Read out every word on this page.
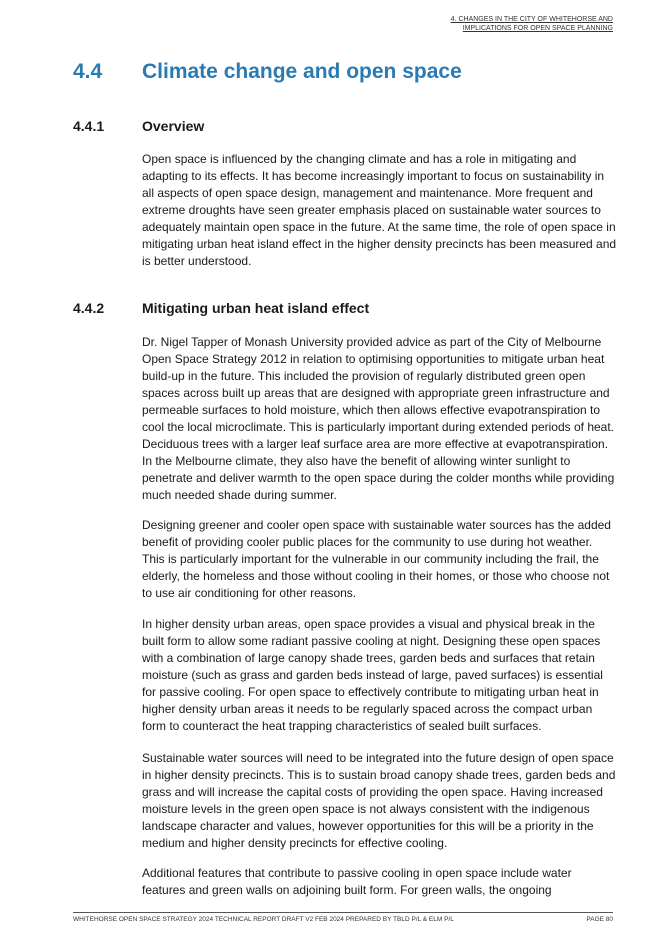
4. CHANGES IN THE CITY OF WHITEHORSE AND
IMPLICATIONS FOR OPEN SPACE PLANNING
4.4 Climate change and open space
4.4.1	Overview

Open space is influenced by the changing climate and has a role in mitigating and adapting to its effects. It has become increasingly important to focus on sustainability in all aspects of open space design, management and maintenance. More frequent and extreme droughts have seen greater emphasis placed on sustainable water sources to adequately maintain open space in the future. At the same time, the role of open space in mitigating urban heat island effect in the higher density precincts has been measured and is better understood.

4.4.2	Mitigating urban heat island effect

Dr. Nigel Tapper of Monash University provided advice as part of the City of Melbourne Open Space Strategy 2012 in relation to optimising opportunities to mitigate urban heat build-up in the future. This included the provision of regularly distributed green open spaces across built up areas that are designed with appropriate green infrastructure and permeable surfaces to hold moisture, which then allows effective evapotranspiration to cool the local microclimate. This is particularly important during extended periods of heat. Deciduous trees with a larger leaf surface area are more effective at evapotranspiration. In the Melbourne climate, they also have the benefit of allowing winter sunlight to penetrate and deliver warmth to the open space during the colder months while providing much needed shade during summer.

Designing greener and cooler open space with sustainable water sources has the added benefit of providing cooler public places for the community to use during hot weather. This is particularly important for the vulnerable in our community including the frail, the elderly, the homeless and those without cooling in their homes, or those who choose not to use air conditioning for other reasons.

In higher density urban areas, open space provides a visual and physical break in the built form to allow some radiant passive cooling at night. Designing these open spaces with a combination of large canopy shade trees, garden beds and surfaces that retain moisture (such as grass and garden beds instead of large, paved surfaces) is essential for passive cooling. For open space to effectively contribute to mitigating urban heat in higher density urban areas it needs to be regularly spaced across the compact urban form to counteract the heat trapping characteristics of sealed built surfaces.

Sustainable water sources will need to be integrated into the future design of open space in higher density precincts. This is to sustain broad canopy shade trees, garden beds and grass and will increase the capital costs of providing the open space. Having increased moisture levels in the green open space is not always consistent with the indigenous landscape character and values, however opportunities for this will be a priority in the medium and higher density precincts for effective cooling.

Additional features that contribute to passive cooling in open space include water features and green walls on adjoining built form. For green walls, the ongoing

WHITEHORSE OPEN SPACE STRATEGY 2024 TECHNICAL REPORT DRAFT V2 FEB 2024 PREPARED BY TBLD P/L & ELM P/L	PAGE 80
